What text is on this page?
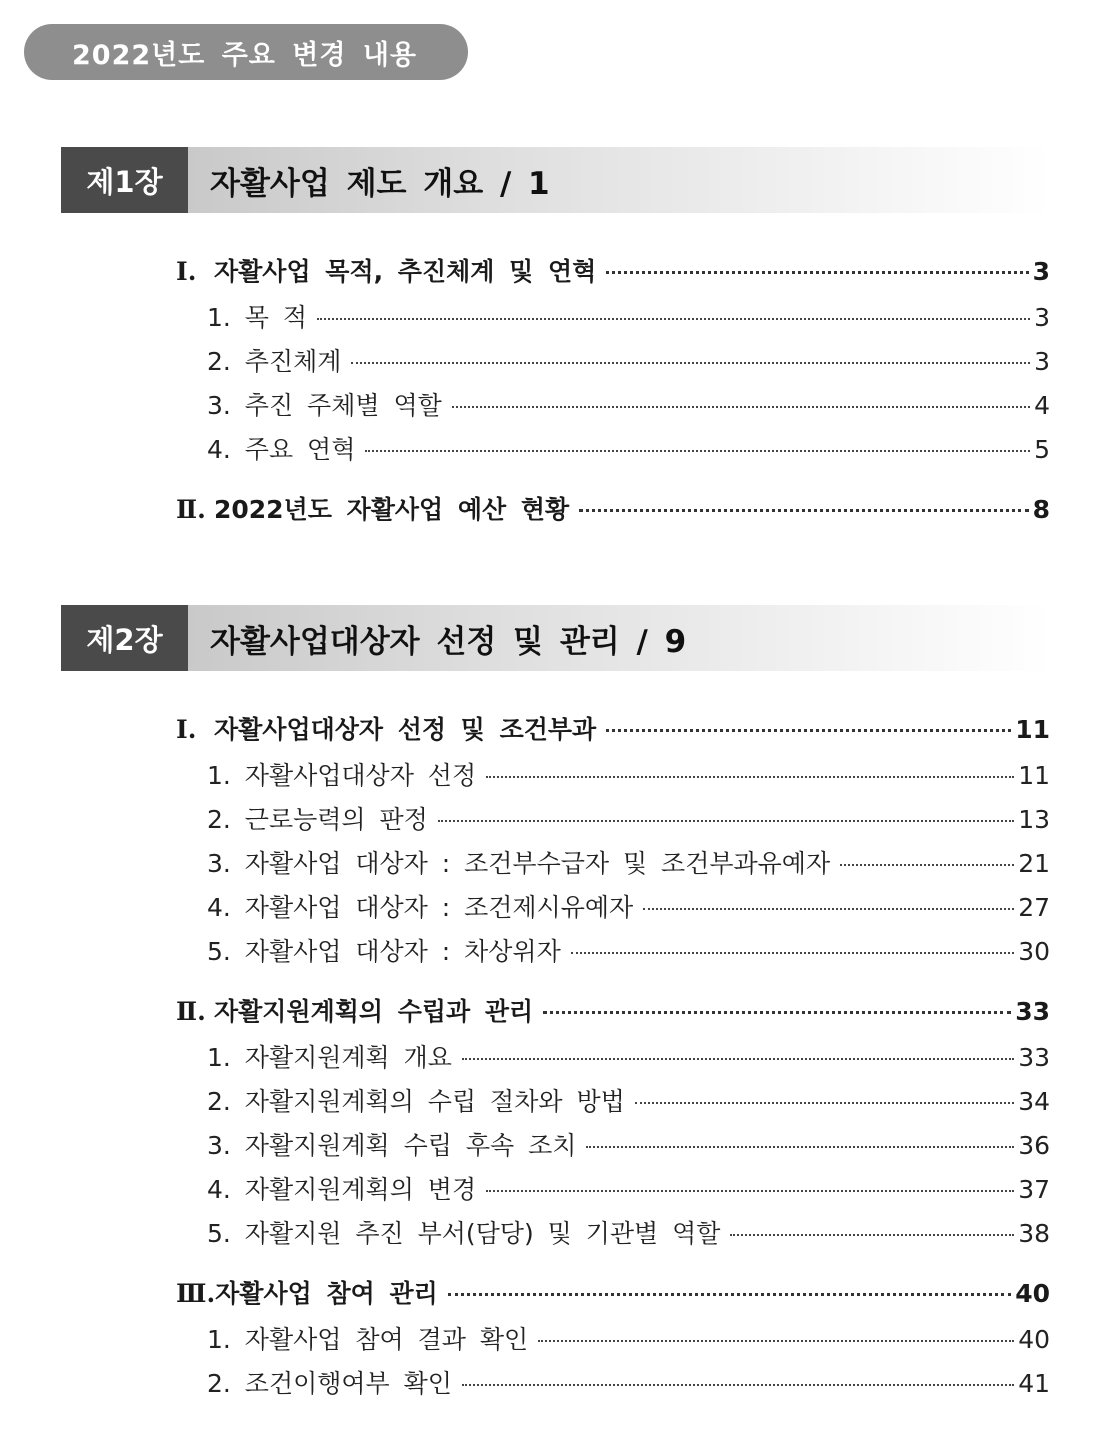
2022년도 주요 변경 내용
제1장	자활사업 제도 개요 / 1
Ⅰ. 자활사업 목적, 추진체계 및 연혁	3
1. 목 적	3
2. 추진체계	3
3. 추진 주체별 역할	4
4. 주요 연혁	5
Ⅱ. 2022년도 자활사업 예산 현황	8
제2장	자활사업대상자 선정 및 관리 / 9
Ⅰ. 자활사업대상자 선정 및 조건부과	11
1. 자활사업대상자 선정	11
2. 근로능력의 판정	13
3. 자활사업 대상자 : 조건부수급자 및 조건부과유예자	21
4. 자활사업 대상자 : 조건제시유예자	27
5. 자활사업 대상자 : 차상위자	30
Ⅱ. 자활지원계획의 수립과 관리	33
1. 자활지원계획 개요	33
2. 자활지원계획의 수립 절차와 방법	34
3. 자활지원계획 수립 후속 조치	36
4. 자활지원계획의 변경	37
5. 자활지원 추진 부서(담당) 및 기관별 역할	38
Ⅲ. 자활사업 참여 관리	40
1. 자활사업 참여 결과 확인	40
2. 조건이행여부 확인	41
